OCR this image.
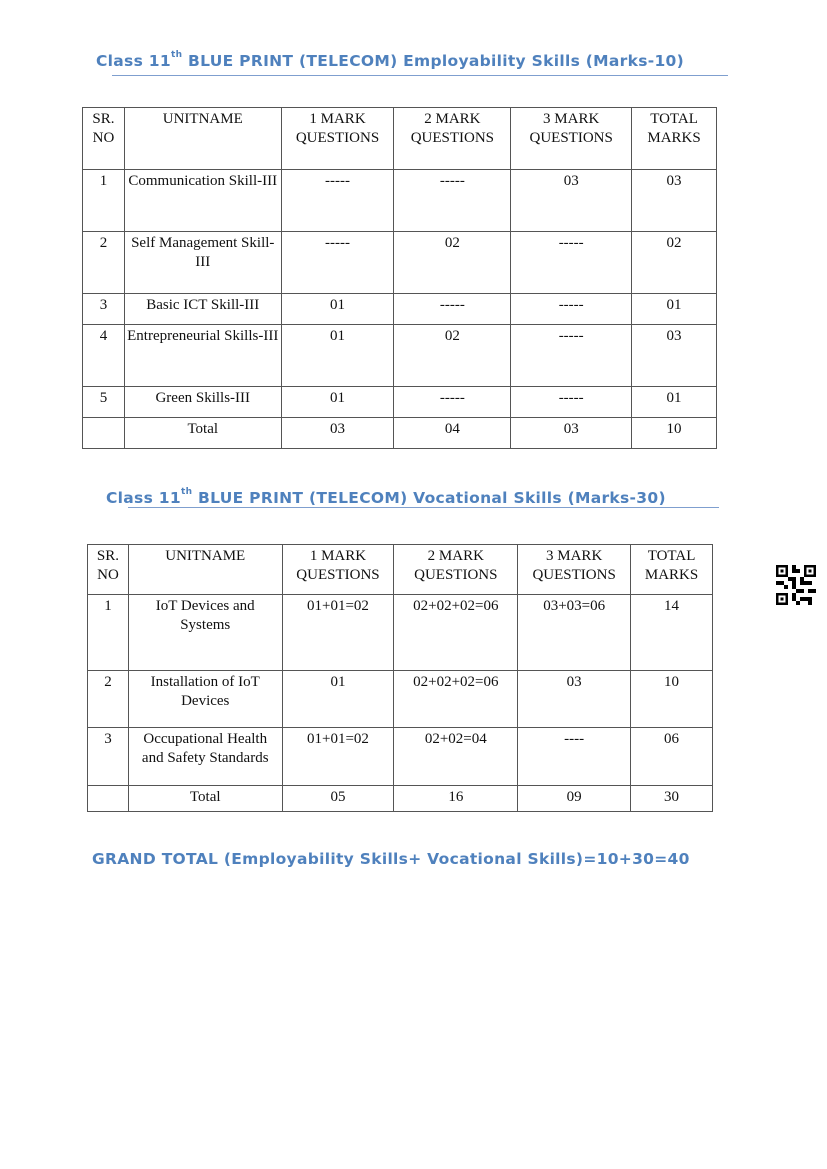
Class 11th BLUE PRINT (TELECOM) Employability Skills (Marks-10)
SR. NO	UNITNAME	1 MARK QUESTIONS	2 MARK QUESTIONS	3 MARK QUESTIONS	TOTAL MARKS
1	Communication Skill-III	-----	-----	03	03
2	Self Management Skill-III	-----	02	-----	02
3	Basic ICT Skill-III	01	-----	-----	01
4	Entrepreneurial Skills-III	01	02	-----	03
5	Green Skills-III	01	-----	-----	01
	Total	03	04	03	10
Class 11th BLUE PRINT (TELECOM) Vocational Skills (Marks-30)
SR. NO	UNITNAME	1 MARK QUESTIONS	2 MARK QUESTIONS	3 MARK QUESTIONS	TOTAL MARKS
1	IoT Devices and Systems	01+01=02	02+02+02=06	03+03=06	14
2	Installation of IoT Devices	01	02+02+02=06	03	10
3	Occupational Health and Safety Standards	01+01=02	02+02=04	----	06
	Total	05	16	09	30
GRAND TOTAL (Employability Skills+ Vocational Skills)=10+30=40
